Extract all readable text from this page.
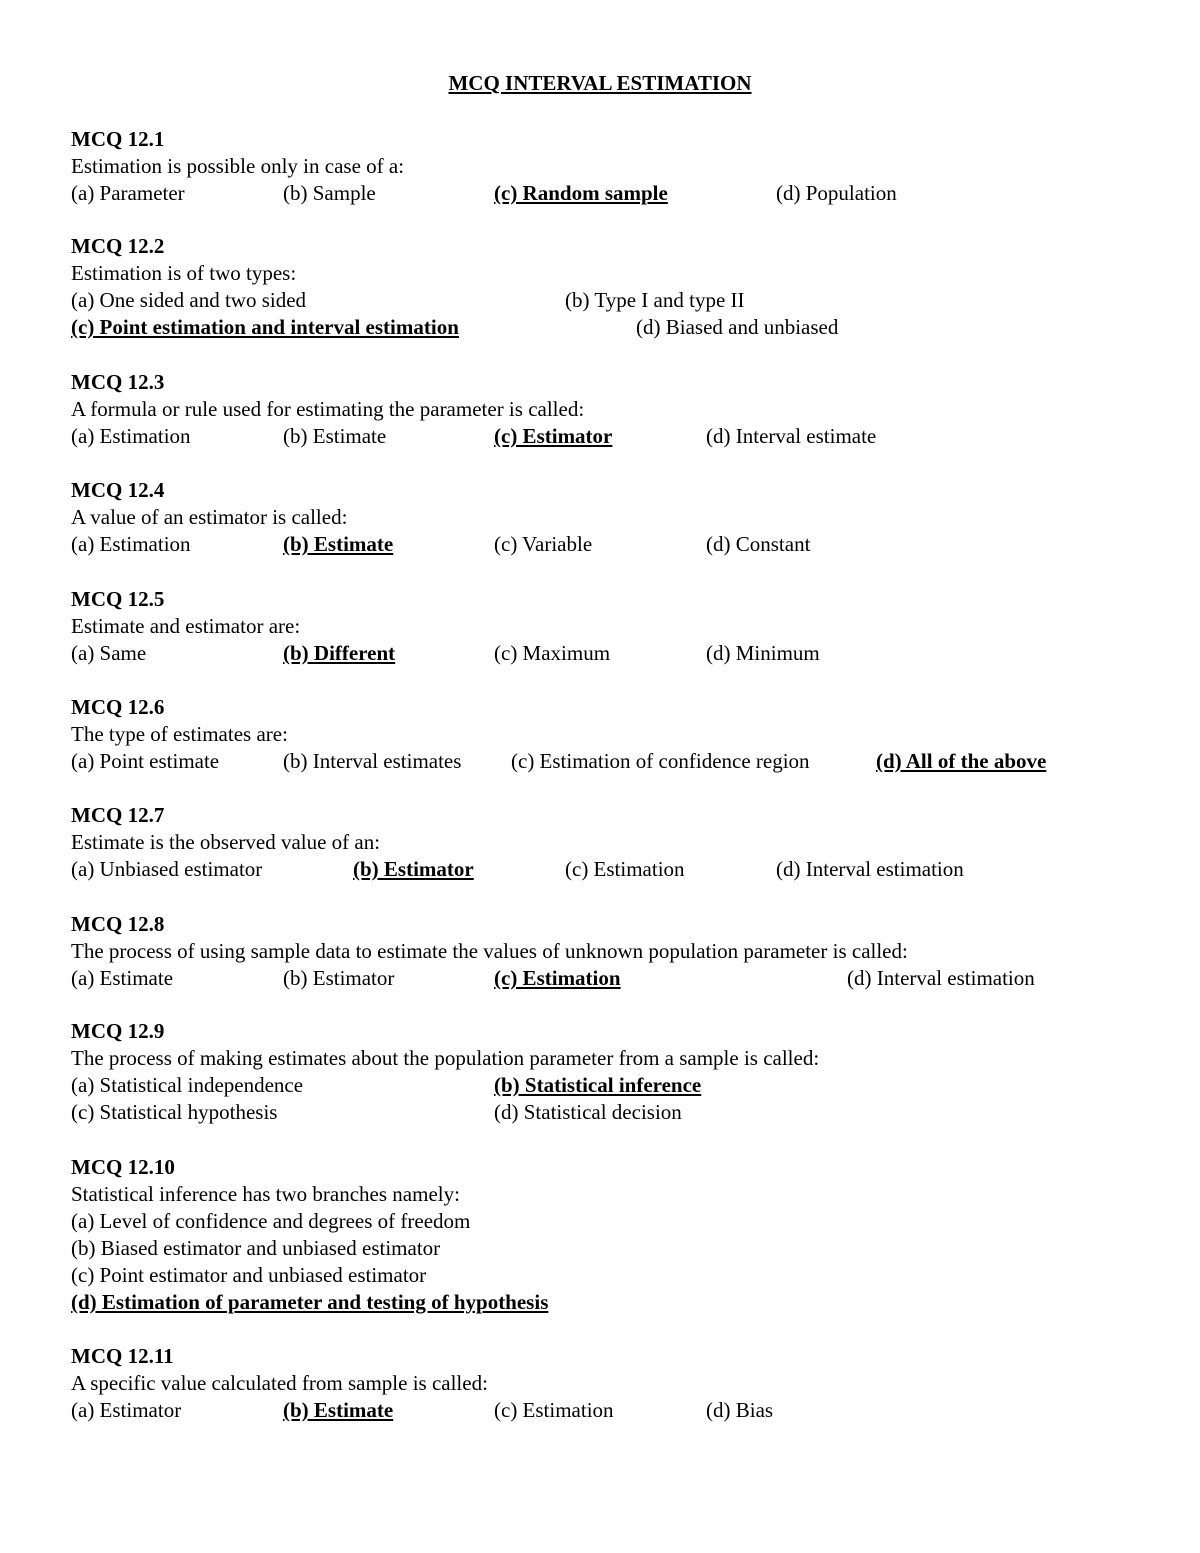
MCQ INTERVAL ESTIMATION
MCQ 12.1
Estimation is possible only in case of a:
(a) Parameter	(b) Sample	(c) Random sample	(d) Population
MCQ 12.2
Estimation is of two types:
(a) One sided and two sided	(b) Type I and type II
(c) Point estimation and interval estimation	(d) Biased and unbiased
MCQ 12.3
A formula or rule used for estimating the parameter is called:
(a) Estimation	(b) Estimate	(c) Estimator	(d) Interval estimate
MCQ 12.4
A value of an estimator is called:
(a) Estimation	(b) Estimate	(c) Variable	(d) Constant
MCQ 12.5
Estimate and estimator are:
(a) Same	(b) Different	(c) Maximum	(d) Minimum
MCQ 12.6
The type of estimates are:
(a) Point estimate	(b) Interval estimates (c) Estimation of confidence region	(d) All of the above
MCQ 12.7
Estimate is the observed value of an:
(a) Unbiased estimator	(b) Estimator	(c) Estimation	(d) Interval estimation
MCQ 12.8
The process of using sample data to estimate the values of unknown population parameter is called:
(a) Estimate	(b) Estimator	(c) Estimation	(d) Interval estimation
MCQ 12.9
The process of making estimates about the population parameter from a sample is called:
(a) Statistical independence	(b) Statistical inference
(c) Statistical hypothesis	(d) Statistical decision
MCQ 12.10
Statistical inference has two branches namely:
(a) Level of confidence and degrees of freedom
(b) Biased estimator and unbiased estimator
(c) Point estimator and unbiased estimator
(d) Estimation of parameter and testing of hypothesis
MCQ 12.11
A specific value calculated from sample is called:
(a) Estimator	(b) Estimate	(c) Estimation	(d) Bias
